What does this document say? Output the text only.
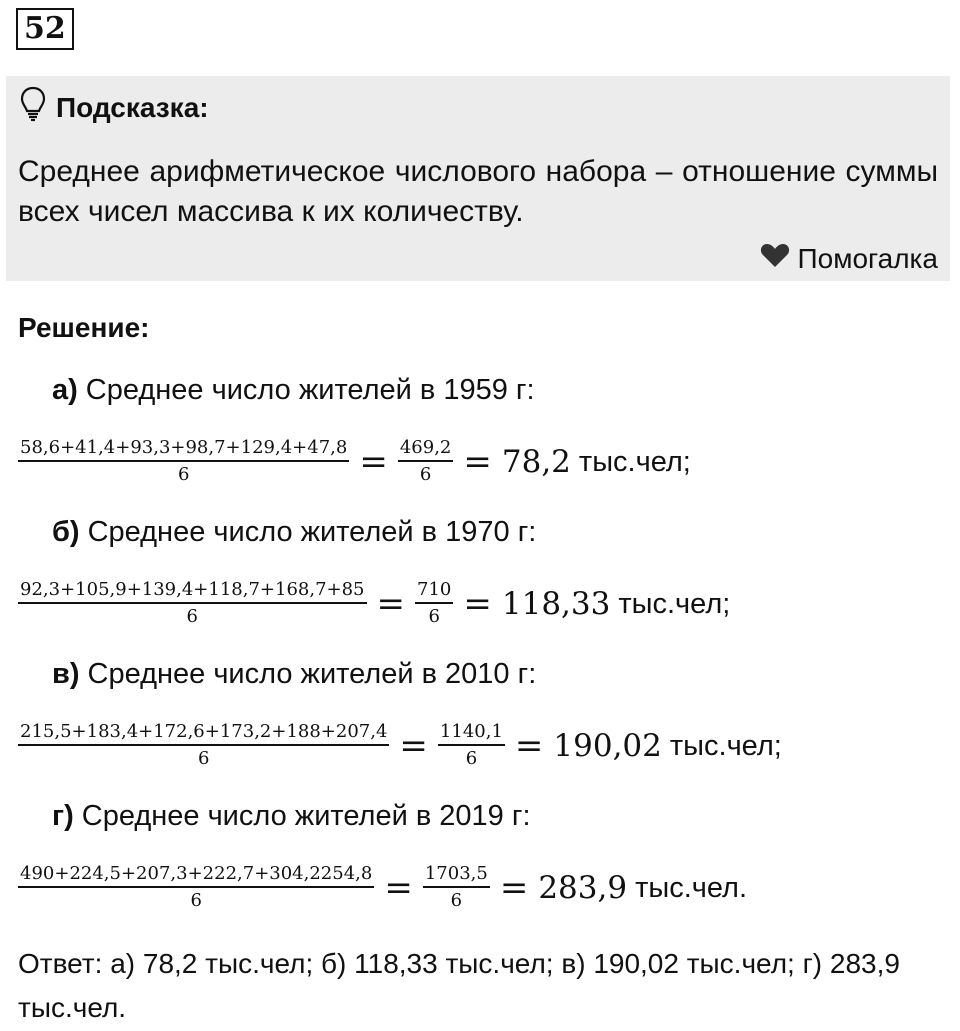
52
Подсказка:
Среднее арифметическое числового набора – отношение суммы всех чисел массива к их количеству.
Помогалка
Решение:
а) Среднее число жителей в 1959 г:
$\frac{58,6+41,4+93,3+98,7+129,4+47,8}{6} = \frac{469,2}{6} = 78,2$ тыс.чел;
б) Среднее число жителей в 1970 г:
$\frac{92,3+105,9+139,4+118,7+168,7+85}{6} = \frac{710}{6} = 118,33$ тыс.чел;
в) Среднее число жителей в 2010 г:
$\frac{215,5+183,4+172,6+173,2+188+207,4}{6} = \frac{1140,1}{6} = 190,02$ тыс.чел;
г) Среднее число жителей в 2019 г:
$\frac{490+224,5+207,3+222,7+304,2254,8}{6} = \frac{1703,5}{6} = 283,9$ тыс.чел.
Ответ: а) 78,2 тыс.чел; б) 118,33 тыс.чел; в) 190,02 тыс.чел; г) 283,9 тыс.чел.
